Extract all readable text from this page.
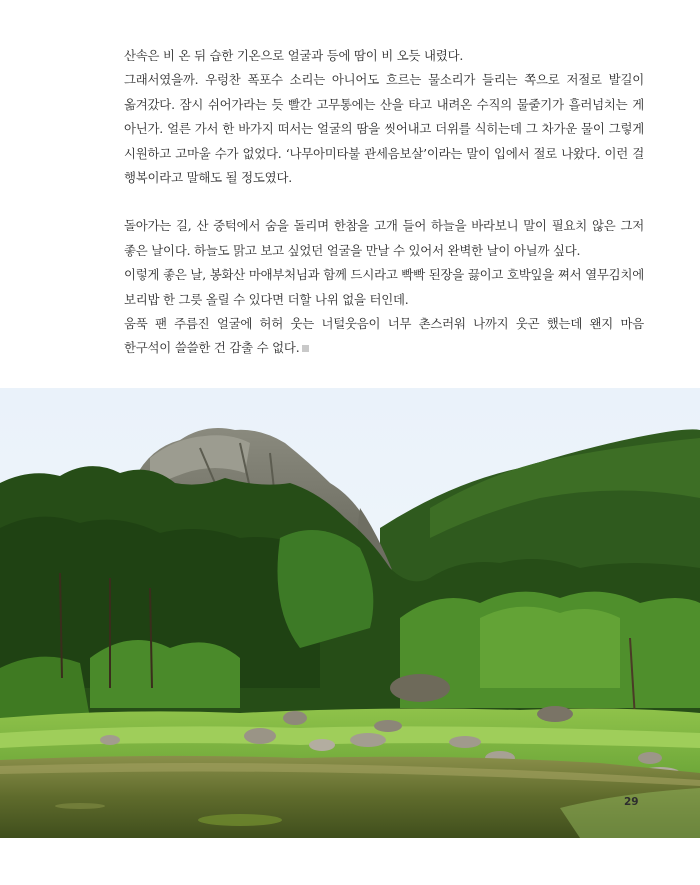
산속은 비 온 뒤 습한 기온으로 얼굴과 등에 땀이 비 오듯 내렸다.

그래서였을까. 우렁찬 폭포수 소리는 아니어도 흐르는 물소리가 들리는 쪽으로 저절로 발길이 옮겨갔다. 잠시 쉬어가라는 듯 빨간 고무통에는 산을 타고 내려온 수직의 물줄기가 흘러넘치는 게 아닌가. 얼른 가서 한 바가지 떠서는 얼굴의 땀을 씻어내고 더위를 식히는데 그 차가운 물이 그렇게 시원하고 고마울 수가 없었다. ‘나무아미타불 관세음보살’이라는 말이 입에서 절로 나왔다. 이런 걸 행복이라고 말해도 될 정도였다.

돌아가는 길, 산 중턱에서 숨을 돌리며 한참을 고개 들어 하늘을 바라보니 말이 필요치 않은 그저 좋은 날이다. 하늘도 맑고 보고 싶었던 얼굴을 만날 수 있어서 완벽한 날이 아닐까 싶다.

이렇게 좋은 날, 봉화산 마애부처님과 함께 드시라고 빡빡 된장을 끓이고 호박잎을 쪄서 열무김치에 보리밥 한 그릇 올릴 수 있다면 더할 나위 없을 터인데.

움푹 팬 주름진 얼굴에 허허 웃는 너털웃음이 너무 촌스러워 나까지 웃곤 했는데 왠지 마음 한구석이 쓸쓸한 건 감출 수 없다.

29
